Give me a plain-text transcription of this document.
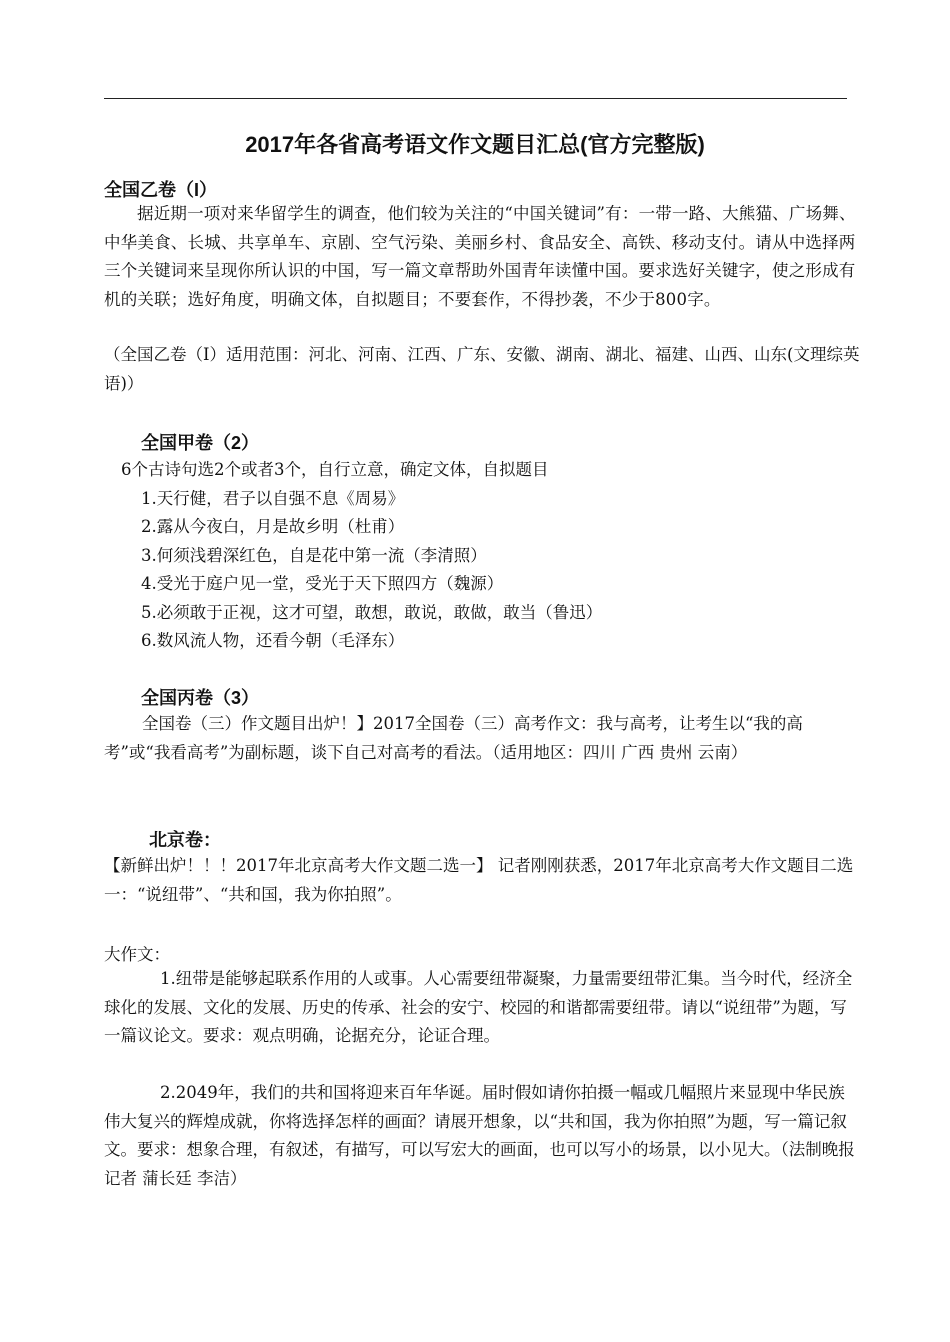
2017年各省高考语文作文题目汇总(官方完整版)
全国乙卷（I）
据近期一项对来华留学生的调查，他们较为关注的“中国关键词”有：一带一路、大熊猫、广场舞、中华美食、长城、共享单车、京剧、空气污染、美丽乡村、食品安全、高铁、移动支付。请从中选择两三个关键词来呈现你所认识的中国，写一篇文章帮助外国青年读懂中国。要求选好关键字，使之形成有机的关联；选好角度，明确文体，自拟题目；不要套作，不得抄袭，不少于800字。
（全国乙卷（I）适用范围：河北、河南、江西、广东、安徽、湖南、湖北、福建、山西、山东(文理综英语)）
全国甲卷（2）
6个古诗句选2个或者3个，自行立意，确定文体，自拟题目
1.天行健，君子以自强不息《周易》
2.露从今夜白，月是故乡明（杜甫）
3.何须浅碧深红色，自是花中第一流（李清照）
4.受光于庭户见一堂，受光于天下照四方（魏源）
5.必须敢于正视，这才可望，敢想，敢说，敢做，敢当（鲁迅）
6.数风流人物，还看今朝（毛泽东）
全国丙卷（3）
全国卷（三）作文题目出炉！】2017全国卷（三）高考作文：我与高考，让考生以“我的高考”或“我看高考”为副标题，谈下自己对高考的看法。（适用地区：四川 广西 贵州 云南）
北京卷：
【新鲜出炉！！！2017年北京高考大作文题二选一】 记者刚刚获悉，2017年北京高考大作文题目二选一：“说纽带”、“共和国，我为你拍照”。
大作文：
1.纽带是能够起联系作用的人或事。人心需要纽带凝聚，力量需要纽带汇集。当今时代，经济全球化的发展、文化的发展、历史的传承、社会的安宁、校园的和谐都需要纽带。请以“说纽带”为题，写一篇议论文。要求：观点明确，论据充分，论证合理。
2.2049年，我们的共和国将迎来百年华诞。届时假如请你拍摄一幅或几幅照片来显现中华民族伟大复兴的辉煌成就，你将选择怎样的画面？请展开想象，以“共和国，我为你拍照”为题，写一篇记叙文。要求：想象合理，有叙述，有描写，可以写宏大的画面，也可以写小的场景，以小见大。（法制晚报记者 蒲长廷 李洁）
